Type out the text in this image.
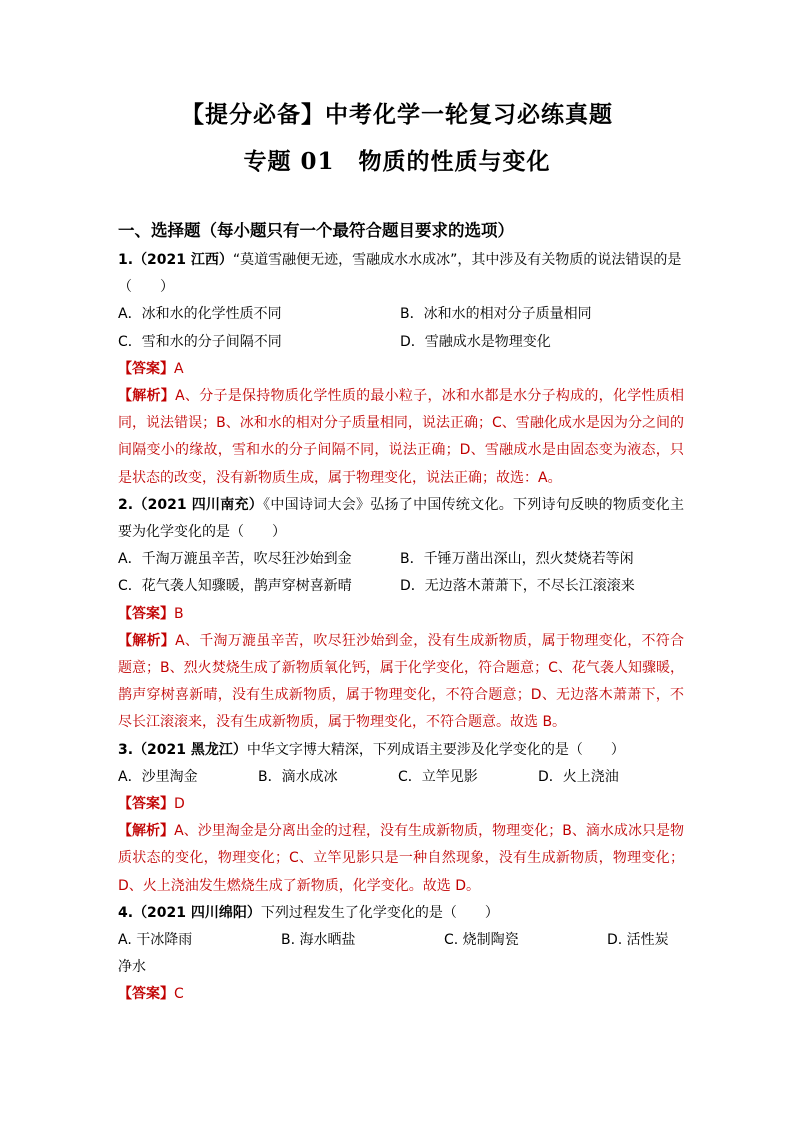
【提分必备】中考化学一轮复习必练真题
专题 01　物质的性质与变化
一、选择题（每小题只有一个最符合题目要求的选项）
1.（2021 江西）“莫道雪融便无迹，雪融成水水成冰”，其中涉及有关物质的说法错误的是
（　　）
A．冰和水的化学性质不同	B．冰和水的相对分子质量相同
C．雪和水的分子间隔不同	D．雪融成水是物理变化
【答案】A
【解析】A、分子是保持物质化学性质的最小粒子，冰和水都是水分子构成的，化学性质相同，说法错误；B、冰和水的相对分子质量相同，说法正确；C、雪融化成水是因为分之间的间隔变小的缘故，雪和水的分子间隔不同，说法正确；D、雪融成水是由固态变为液态，只是状态的改变，没有新物质生成，属于物理变化，说法正确；故选：A。
2.（2021 四川南充）《中国诗词大会》弘扬了中国传统文化。下列诗句反映的物质变化主要为化学变化的是（　　）
A．千淘万漉虽辛苦，吹尽狂沙始到金	B．千锤万凿出深山，烈火焚烧若等闲
C．花气袭人知骤暖，鹊声穿树喜新晴	D．无边落木萧萧下，不尽长江滚滚来
【答案】B
【解析】A、千淘万漉虽辛苦，吹尽狂沙始到金，没有生成新物质，属于物理变化，不符合题意；B、烈火焚烧生成了新物质氧化钙，属于化学变化，符合题意；C、花气袭人知骤暖，鹊声穿树喜新晴，没有生成新物质，属于物理变化，不符合题意；D、无边落木萧萧下，不尽长江滚滚来，没有生成新物质，属于物理变化，不符合题意。故选 B。
3.（2021 黑龙江）中华文字博大精深，下列成语主要涉及化学变化的是（　　）
A．沙里淘金	B．滴水成冰	C．立竿见影	D．火上浇油
【答案】D
【解析】A、沙里淘金是分离出金的过程，没有生成新物质，物理变化；B、滴水成冰只是物质状态的变化，物理变化；C、立竿见影只是一种自然现象，没有生成新物质，物理变化；D、火上浇油发生燃烧生成了新物质，化学变化。故选 D。
4.（2021 四川绵阳）下列过程发生了化学变化的是（　　）
A. 干冰降雨	B. 海水晒盐	C. 烧制陶瓷	D. 活性炭
净水
【答案】C
